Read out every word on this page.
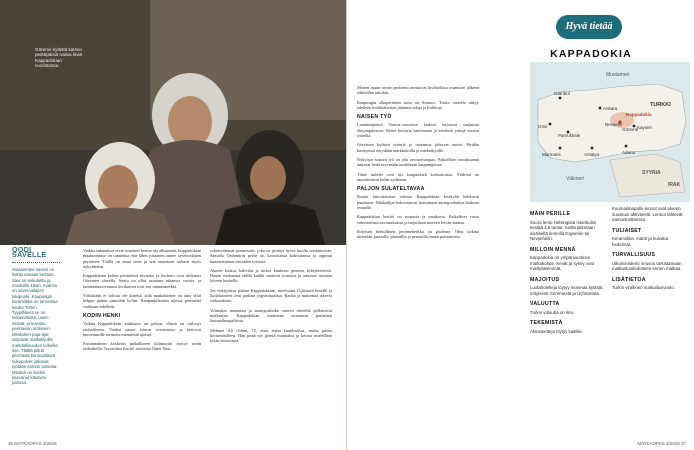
Göreme kylästä katsoo peittäpäisiä naisia kiviä Kappadokian vuoristossa.
OODI SAVELLE
Sulasemme savesi on lisätty useaan kertaan. Savi on sekoitettu ja muotoiltu käsin. Avanos on savenvalajien kaupunki. Kaupungin keramiikka on tunnettua kautta Turkin. Tyypillisesti se on kirkasväristä, usein sinistä, ja kuvioitu perinteisin motiivein. Mestarien paja-ajat tarjoavat matkailijoille mahdollisuuden kokeilla itse. Täällä pitkiä perinteitä kunnioittavat sukupolvet jatkavat työtään saman savesta. Mestari on itsekin kasvanut käsityön parissa.

Vaikka sukunaiset eivät osaaneet kertoa iän alkuperää, Kappadokian maakunnassa on tunnettua että lähes jokainen tuntee savenvalajien perinteen. Täällä on omat tavat ja sitä seurataan tarkasti myös nykyäänkin.

Kappadokian kylien perinteiset kivitalot ja luolasto ovat säilyneet Göremen alueella. Seutu on ollut asuttuna tuhansia vuosia, ja luonnonmuovaamat kivikartiot ovat sen tunnusmerkki.

Yöksikään ei tulosta ole kiirettä, sillä matkalaisten on aina ollut helppo palata samoihin kyliin. Kaupunkilaisten arjessa perinteitä vaalitaan edelleen.

KODIN HENKI

Vaikka Kappadokian asukkaita on paljon, elämä on säilynyt rauhallisena. Vanhat naiset istuvat ovensuussa ja kertovat nuoremmille tarinoita menneistä ajoista.

Ensimmäinen kosketus paikalliseen kulttuuriin syntyy usein teehetkellä. Tervetuloa kotiin! toivottaa Ömer Nair.

sokeroottomat pormestari, joka on pitänyt hyvin huolta torstaitorista. Samalla Özdemirin perhe on kasvattanut kahvilaansa ja oppinut kuuntelemaan vieraiden toiveita.

Alueen koulut, kahvilat ja kirkot kuuluvat pieneen kyläyhteisöön. Hänen mukaansa täällä kaikki tuntevat toisensa ja auttavat toisiaan kiireen keskellä.

Jos vieläjoskus palaan Kappadokiaan, mielestäni Üçhisarin hotellit ja luolahuoneet ovat parhaat yöpymispaikat. Rauha ja maisemat tekevät vaikutuksen.

Voimakas maaseutu ja auringonlasku vuoren rinteellä palkitsevat matkaajan. Kappadokian maisemat avautuvat parhaiten kuumailmapallosta.

Mehmet Ali Orhan, 72, asuu ensin Istanbulissa, mutta palasi kotiseudulleen. Hän pitää nyt pientä majataloa ja kertoo mielellään kylän historiasta.

36 MATKAOPAS 3/2018

Monen muun tavoin perheeni asettuivat kiviluolissa asumisen jälkeen vähitellen taloihin.

Kaupungin alkuperäinen nimi on Sinasos. Turtin varrella näkyy edelleen kreikkalaisten jättämiä taloja ja kirkkoja.

NAISEN TYÖ

Luonnonpuiset Taurus-vuoriston laaksot tarjoavat suojaisan elinympäristön. Naiset hoitavat kasvimaita ja keräävät yrttejä vuoren rinteiltä.

Göreisten kylässä syöntiä ja tuotantoa johtavat naiset. Heidän käsityönsä myydään markkinoilla ja matkailijoille.

Nykyisin naisten työ on yhä arvostetumpaa. Paikalliset osuuskunnat auttavat heitä myymään tuotteitaan kaupungeissa.

Tilme tuttelet ovat nyt kaupunkien keskustoissa. Yhdessä ne muodostavat kylän sydämen.

PALJON SULATELTAVAA

Ihtarin lumottavassa valossa Kappadokian kivikylät hehkuvat punaisina. Matkailijat kokoontuvat katsomaan auringonlaskua laakson reunalle.

Kappadokian keittiö on runsasta ja maukasta. Paikalliset ruoat valmistetaan saviruukuissa ja tarjoillaan tuoreen leivän kanssa.

Ihtiyisen herkullinen perinneherkku on gözleme. Ohut taikina täytetään juustolla, pinaatilla ja perunalla ennen paistamista.

Hyvä tietää
KAPPADOKIA
Mustameri
TURKKI
Istanbul
Ankara
Kappadokia
Izmir	Nevşehir
Göreme
Pamukkale
Kayseri
Marmaris	Antalya	Adana
SYYRIA
IRAK
Välimeri
MÄIN PERILLE

Suora lento Helsingistä Istanbuliin kestää 3,5 tuntia. Sieltä jatketaan sisäisellä lennolla Kayseriin tai Nevşehiriin.

MILLOIN MENNÄ

Kappadokia on ympärivuotinen matkakohde. Kevät ja syksy ovat miellyttävimmät.

MAJOITUS

Luolahotelleja löytyy monesta kylästä, erityisesti Göremestä ja Üçhisarista.

VALUUTTA

Turkin valuutta on liira.

TEKEMISTÄ

Aktiviteetteja löytyy kaikille.

Kuumailmapallo-lennot ovat alueen suosituin aktiviteetti. Lennot lähtevät aamunkoitteessa.

TULIAISET

Keramiikka, matot ja kuivatut hedelmät.

TURVALLISUUS

Ulkoministeriö neuvoo tarkistamaan matkustustiedotteen ennen matkaa.

LISÄTIETOA

Turkin virallinen matkailusivusto.

MATKAOPAS 3/2018 37
